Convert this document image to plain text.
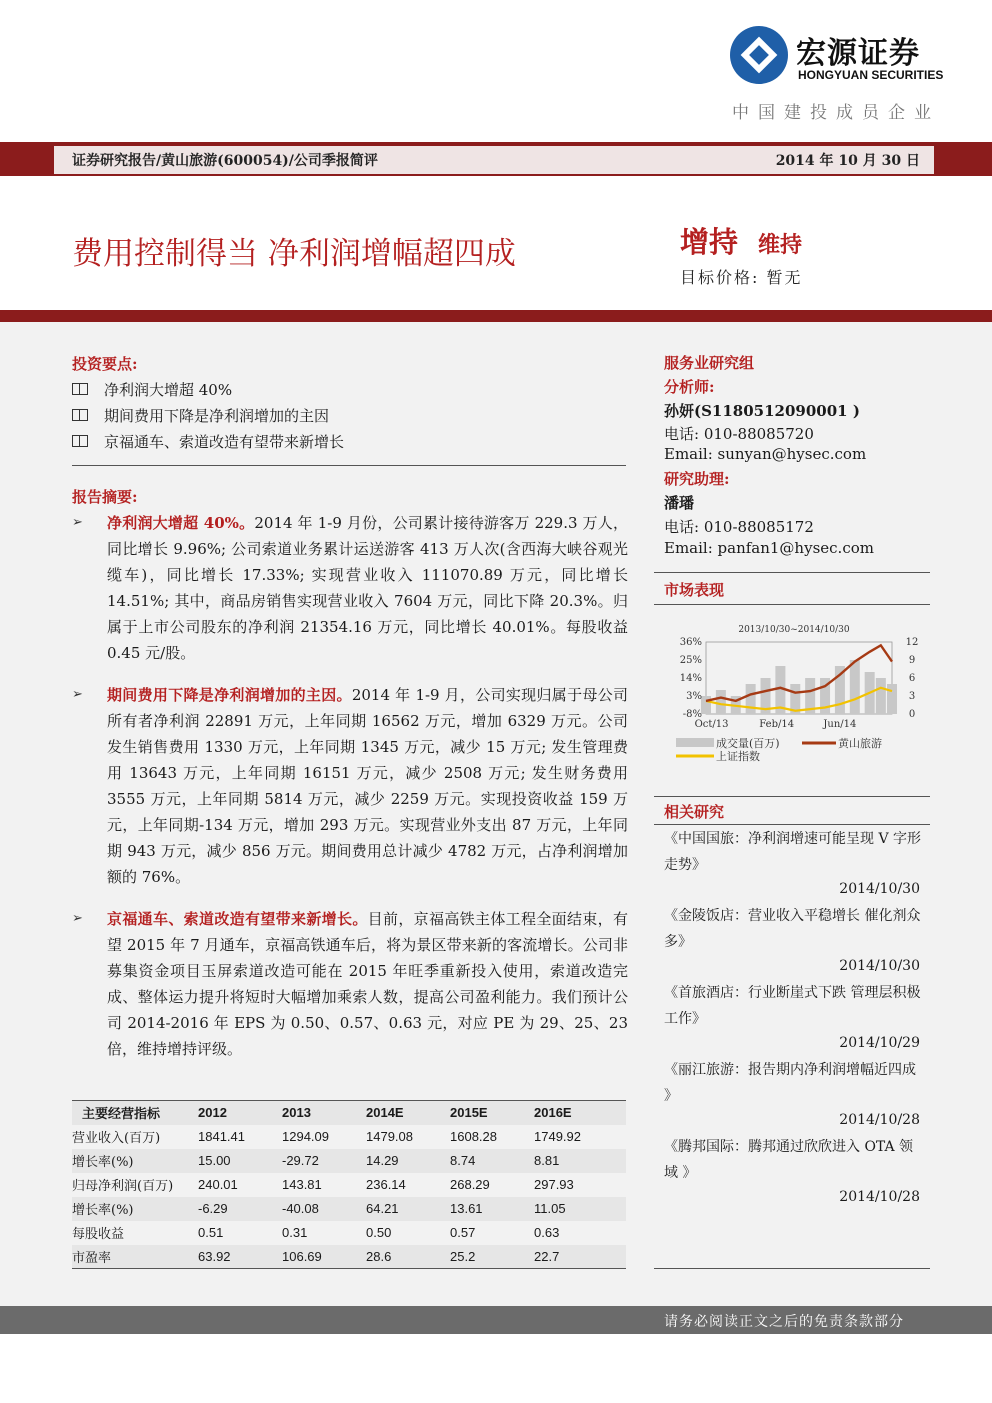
宏源证券
HONGYUAN SECURITIES
中国建投成员企业
证券研究报告/黄山旅游(600054)/公司季报简评	2014 年 10 月 30 日
费用控制得当 净利润增幅超四成	增持 维持
目标价格: 暂无
投资要点:
净利润大增超 40%
期间费用下降是净利润增加的主因
京福通车、索道改造有望带来新增长
报告摘要:
➢ 净利润大增超 40%。2014 年 1-9 月份，公司累计接待游客万 229.3 万人，同比增长 9.96%; 公司索道业务累计运送游客 413 万人次(含西海大峡谷观光缆车)，同比增长 17.33%; 实现营业收入 111070.89 万元，同比增长 14.51%; 其中，商品房销售实现营业收入 7604 万元，同比下降 20.3%。归属于上市公司股东的净利润 21354.16 万元，同比增长 40.01%。每股收益 0.45 元/股。
➢ 期间费用下降是净利润增加的主因。2014 年 1-9 月，公司实现归属于母公司所有者净利润 22891 万元，上年同期 16562 万元，增加 6329 万元。公司发生销售费用 1330 万元，上年同期 1345 万元，减少 15 万元; 发生管理费用 13643 万元，上年同期 16151 万元，减少 2508 万元; 发生财务费用 3555 万元，上年同期 5814 万元，减少 2259 万元。实现投资收益 159 万元，上年同期-134 万元，增加 293 万元。实现营业外支出 87 万元，上年同期 943 万元，减少 856 万元。期间费用总计减少 4782 万元，占净利润增加额的 76%。
➢ 京福通车、索道改造有望带来新增长。目前，京福高铁主体工程全面结束，有望 2015 年 7 月通车，京福高铁通车后，将为景区带来新的客流增长。公司非募集资金项目玉屏索道改造可能在 2015 年旺季重新投入使用，索道改造完成、整体运力提升将短时大幅增加乘索人数，提高公司盈利能力。我们预计公司 2014-2016 年 EPS 为 0.50、0.57、0.63 元，对应 PE 为 29、25、23 倍，维持增持评级。
主要经营指标	2012	2013	2014E	2015E	2016E
营业收入(百万)	1841.41	1294.09	1479.08	1608.28	1749.92
增长率(%)	15.00	-29.72	14.29	8.74	8.81
归母净利润(百万)	240.01	143.81	236.14	268.29	297.93
增长率(%)	-6.29	-40.08	64.21	13.61	11.05
每股收益	0.51	0.31	0.50	0.57	0.63
市盈率	63.92	106.69	28.6	25.2	22.7
服务业研究组
分析师:
孙妍(S1180512090001 )
电话: 010-88085720
Email: sunyan@hysec.com
研究助理:
潘璠
电话: 010-88085172
Email: panfan1@hysec.com
市场表现
2013/10/30~2014/10/30
36%
25%
14%
3%
-8%
12
9
6
3
0
Oct/13	Feb/14	Jun/14
成交量(百万)	黄山旅游
上证指数
相关研究
《中国国旅：净利润增速可能呈现 V 字形走势》
2014/10/30
《金陵饭店：营业收入平稳增长 催化剂众多》
2014/10/30
《首旅酒店：行业断崖式下跌 管理层积极工作》
2014/10/29
《丽江旅游：报告期内净利润增幅近四成 》
2014/10/28
《腾邦国际：腾邦通过欣欣进入 OTA 领域 》
2014/10/28
请务必阅读正文之后的免责条款部分
